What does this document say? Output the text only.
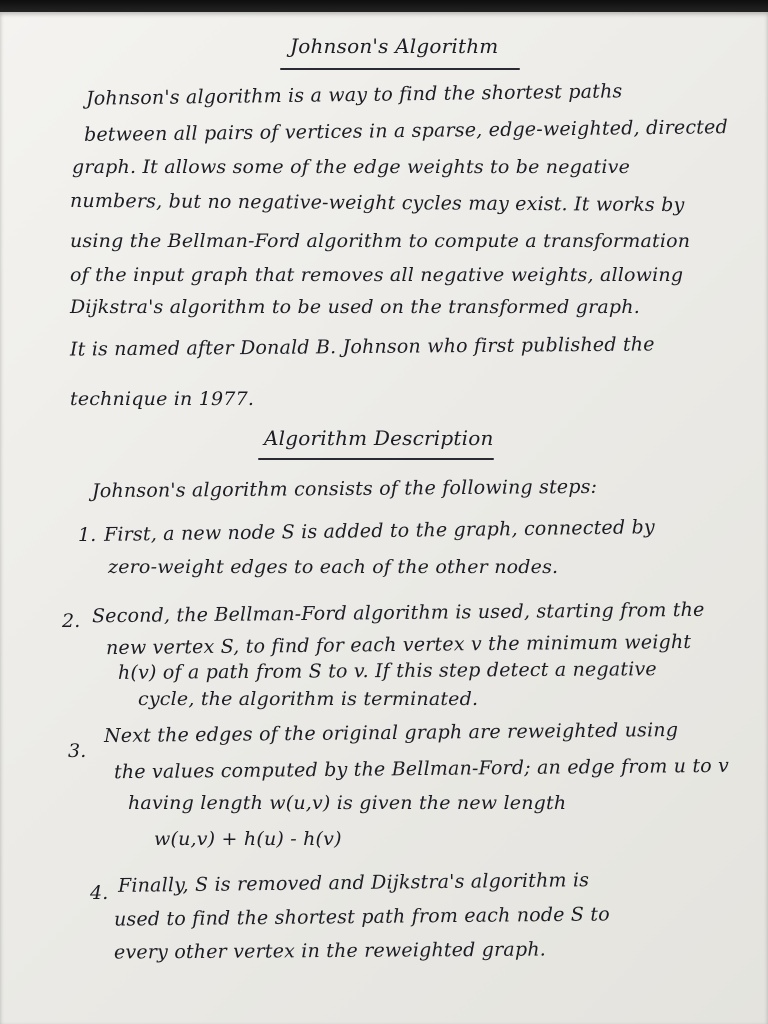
Johnson's Algorithm
Johnson's algorithm is a way to find the shortest paths
between all pairs of vertices in a sparse, edge-weighted, directed
graph. It allows some of the edge weights to be negative
numbers, but no negative-weight cycles may exist. It works by
using the Bellman-Ford algorithm to compute a transformation
of the input graph that removes all negative weights, allowing
Dijkstra's algorithm to be used on the transformed graph.
It is named after Donald B. Johnson who first published the
technique in 1977.
Algorithm Description
Johnson's algorithm consists of the following steps:
1. First, a new node S is added to the graph, connected by
zero-weight edges to each of the other nodes.
2. Second, the Bellman-Ford algorithm is used, starting from the
new vertex S, to find for each vertex v the minimum weight
h(v) of a path from S to v. If this step detect a negative
cycle, the algorithm is terminated.
3.
Next the edges of the original graph are reweighted using
the values computed by the Bellman-Ford; an edge from u to v
having length w(u,v) is given the new length
w(u,v) + h(u) - h(v)
4. Finally, S is removed and Dijkstra's algorithm is
used to find the shortest path from each node S to
every other vertex in the reweighted graph.
